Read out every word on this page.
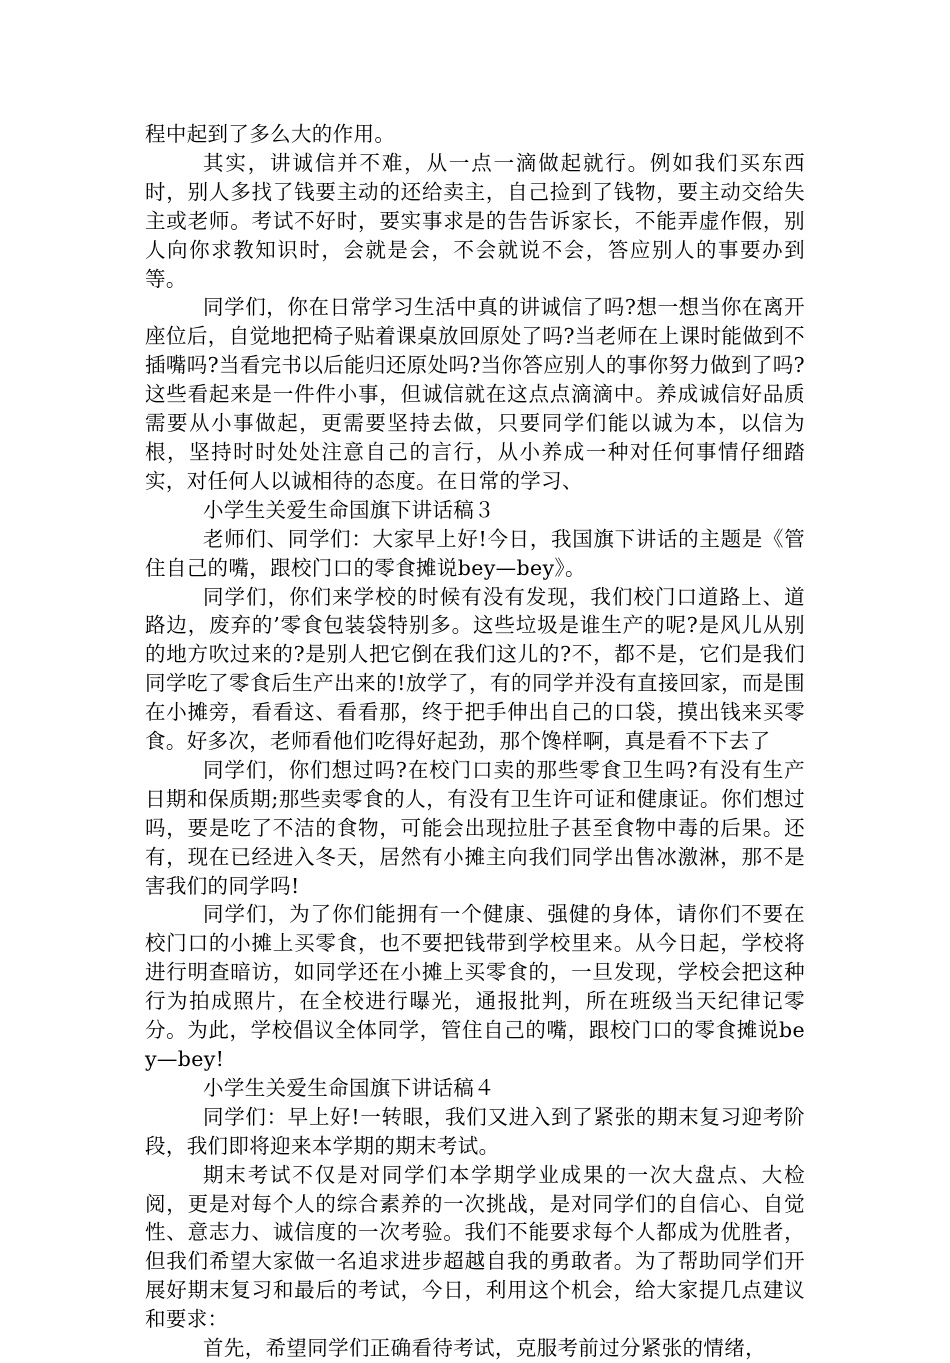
程中起到了多么大的作用。

其实，讲诚信并不难，从一点一滴做起就行。例如我们买东西时，别人多找了钱要主动的还给卖主，自己捡到了钱物，要主动交给失主或老师。考试不好时，要实事求是的告告诉家长，不能弄虚作假，别人向你求教知识时，会就是会，不会就说不会，答应别人的事要办到等。

同学们，你在日常学习生活中真的讲诚信了吗?想一想当你在离开座位后，自觉地把椅子贴着课桌放回原处了吗?当老师在上课时能做到不插嘴吗?当看完书以后能归还原处吗?当你答应别人的事你努力做到了吗?这些看起来是一件件小事，但诚信就在这点点滴滴中。养成诚信好品质需要从小事做起，更需要坚持去做，只要同学们能以诚为本，以信为根，坚持时时处处注意自己的言行，从小养成一种对任何事情仔细踏实，对任何人以诚相待的态度。在日常的学习、

小学生关爱生命国旗下讲话稿３

老师们、同学们：大家早上好!今日，我国旗下讲话的主题是《管住自己的嘴，跟校门口的零食摊说bey—bey》。

同学们，你们来学校的时候有没有发现，我们校门口道路上、道路边，废弃的’零食包装袋特别多。这些垃圾是谁生产的呢?是风儿从别的地方吹过来的?是别人把它倒在我们这儿的?不，都不是，它们是我们同学吃了零食后生产出来的!放学了，有的同学并没有直接回家，而是围在小摊旁，看看这、看看那，终于把手伸出自己的口袋，摸出钱来买零食。好多次，老师看他们吃得好起劲，那个馋样啊，真是看不下去了

同学们，你们想过吗?在校门口卖的那些零食卫生吗?有没有生产日期和保质期;那些卖零食的人，有没有卫生许可证和健康证。你们想过吗，要是吃了不洁的食物，可能会出现拉肚子甚至食物中毒的后果。还有，现在已经进入冬天，居然有小摊主向我们同学出售冰激淋，那不是害我们的同学吗!

同学们，为了你们能拥有一个健康、强健的身体，请你们不要在校门口的小摊上买零食，也不要把钱带到学校里来。从今日起，学校将进行明查暗访，如同学还在小摊上买零食的，一旦发现，学校会把这种行为拍成照片，在全校进行曝光，通报批判，所在班级当天纪律记零分。为此，学校倡议全体同学，管住自己的嘴，跟校门口的零食摊说bey—bey!

小学生关爱生命国旗下讲话稿４

同学们：早上好!一转眼，我们又进入到了紧张的期末复习迎考阶段，我们即将迎来本学期的期末考试。

期末考试不仅是对同学们本学期学业成果的一次大盘点、大检阅，更是对每个人的综合素养的一次挑战，是对同学们的自信心、自觉性、意志力、诚信度的一次考验。我们不能要求每个人都成为优胜者，但我们希望大家做一名追求进步超越自我的勇敢者。为了帮助同学们开展好期末复习和最后的考试，今日，利用这个机会，给大家提几点建议和要求：

首先，希望同学们正确看待考试，克服考前过分紧张的情绪，
